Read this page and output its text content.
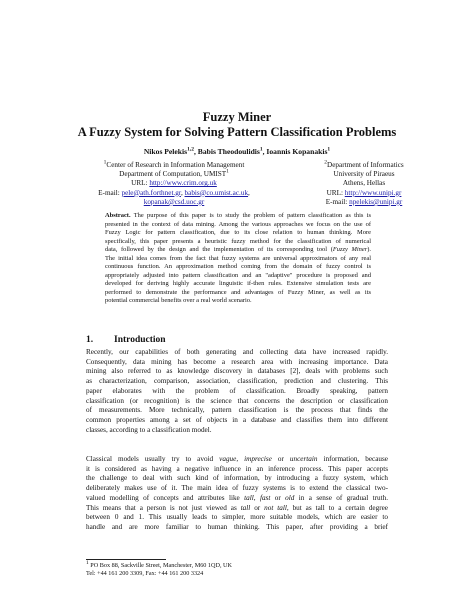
Fuzzy Miner
A Fuzzy System for Solving Pattern Classification Problems
Nikos Pelekis$^{1,2}$, Babis Theodoulidis$^1$, Ioannis Kopanakis$^1$
$^1$Center of Research in Information Management
Department of Computation, UMIST$^1$
URL: http://www.crim.org.uk
E-mail: pele@ath.forthnet.gr, babis@co.umist.ac.uk,
kopanak@csd.uoc.gr
$^2$Department of Informatics
University of Piraeus
Athens, Hellas
URL: http://www.unipi.gr
E-mail: npelekis@unipi.gr
Abstract. The purpose of this paper is to study the problem of pattern classification as this is
presented in the context of data mining. Among the various approaches we focus on the use of
Fuzzy Logic for pattern classification, due to its close relation to human thinking. More
specifically, this paper presents a heuristic fuzzy method for the classification of numerical
data, followed by the design and the implementation of its corresponding tool (Fuzzy Miner).
The initial idea comes from the fact that fuzzy systems are universal approximators of any real
continuous function. An approximation method coming from the domain of fuzzy control is
appropriately adjusted into pattern classification and an "adaptive" procedure is proposed and
developed for deriving highly accurate linguistic if-then rules. Extensive simulation tests are
performed to demonstrate the performance and advantages of Fuzzy Miner, as well as its
potential commercial benefits over a real world scenario.
1. Introduction
Recently, our capabilities of both generating and collecting data have increased rapidly.
Consequently, data mining has become a research area with increasing importance. Data
mining also referred to as knowledge discovery in databases [2], deals with problems such
as characterization, comparison, association, classification, prediction and clustering. This
paper elaborates with the problem of classification. Broadly speaking, pattern
classification (or recognition) is the science that concerns the description or classification
of measurements. More technically, pattern classification is the process that finds the
common properties among a set of objects in a database and classifies them into different
classes, according to a classification model.
Classical models usually try to avoid vague, imprecise or uncertain information, because
it is considered as having a negative influence in an inference process. This paper accepts
the challenge to deal with such kind of information, by introducing a fuzzy system, which
deliberately makes use of it. The main idea of fuzzy systems is to extend the classical two-
valued modelling of concepts and attributes like tall, fast or old in a sense of gradual truth.
This means that a person is not just viewed as tall or not tall, but as tall to a certain degree
between 0 and 1. This usually leads to simpler, more suitable models, which are easier to
handle and are more familiar to human thinking. This paper, after providing a brief
$^1$ PO Box 88, Sackville Street, Manchester, M60 1QD, UK
Tel: +44 161 200 3309, Fax: +44 161 200 3324
